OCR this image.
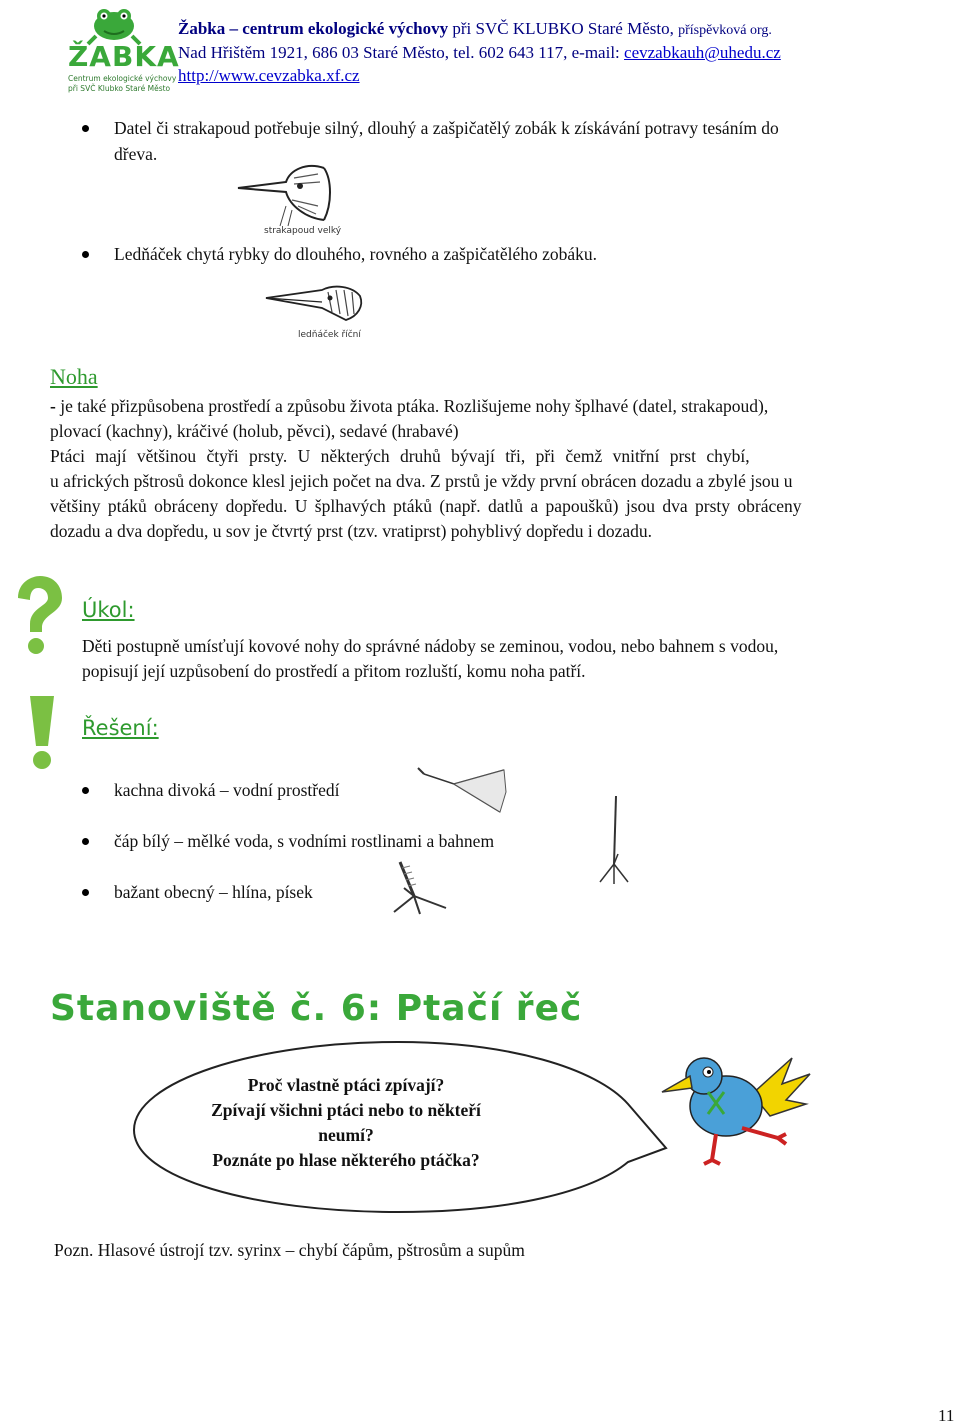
ŽABKA
Centrum ekologické výchovy
při SVČ Klubko Staré Město
Žabka – centrum ekologické výchovy při SVČ KLUBKO Staré Město, příspěvková org.
Nad Hřištěm 1921, 686 03 Staré Město, tel. 602 643 117, e-mail: cevzabkauh@uhedu.cz
http://www.cevzabka.xf.cz
Datel či strakapoud potřebuje silný, dlouhý a zašpičatělý zobák k získávání potravy tesáním do
dřeva.
strakapoud velký
Ledňáček chytá rybky do dlouhého, rovného a zašpičatělého zobáku.
ledňáček říční
Noha
- je také přizpůsobena prostředí a způsobu života ptáka. Rozlišujeme nohy šplhavé (datel, strakapoud),
plovací (kachny), kráčivé (holub, pěvci), sedavé (hrabavé)
Ptáci mají většinou čtyři prsty. U některých druhů bývají tři, při čemž vnitřní prst chybí,
u afrických pštrosů dokonce klesl jejich počet na dva. Z prstů je vždy první obrácen dozadu a zbylé jsou u
většiny ptáků obráceny dopředu. U šplhavých ptáků (např. datlů a papoušků) jsou dva prsty obráceny
dozadu a dva dopředu, u sov je čtvrtý prst (tzv. vratiprst) pohyblivý dopředu i dozadu.
Úkol:
Děti postupně umísťují kovové nohy do správné nádoby se zeminou, vodou, nebo bahnem s vodou,
popisují její uzpůsobení do prostředí a přitom rozluští, komu noha patří.
Řešení:
kachna divoká – vodní prostředí
čáp bílý – mělké voda, s vodními rostlinami a bahnem
bažant obecný – hlína, písek
Stanoviště č. 6: Ptačí řeč
Proč vlastně ptáci zpívají?
Zpívají všichni ptáci nebo to někteří
neumí?
Poznáte po hlase některého ptáčka?
Pozn. Hlasové ústrojí tzv. syrinx – chybí čápům, pštrosům a supům
11
